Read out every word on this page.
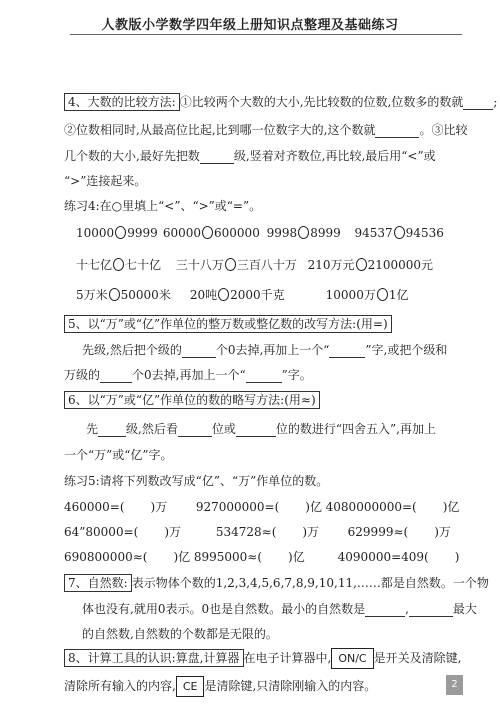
人教版小学数学四年级上册知识点整理及基础练习
4、大数的比较方法: ①比较两个大数的大小,先比较数的位数,位数多的数就	;
②位数相同时,从最高位比起,比到哪一位数字大的,这个数就	。③比较
几个数的大小,最好先把数	级,竖着对齐数位,再比较,最后用“<”或
“>”连接起来。
练习4:在○里填上“<”、“>”或“=”。
10000 9999 60000 600000 9998 8999 94537 94536
十七亿 七十亿 三十八万 三百八十万 210万元 2100000元
5万米 50000米 20吨 2000千克	10000万 1亿
5、以“万”或“亿”作单位的整万数或整亿数的改写方法:(用=)
先级,然后把个级的	个0去掉,再加上一个“	”字,或把个级和
万级的	个0去掉,再加上一个“	”字。
6、以“万”或“亿”作单位的数的略写方法:(用≈)
先 级,然后看	位或	位的数进行“四舍五入”,再加上
一个“万”或“亿”字。
练习5:请将下列数改写成“亿”、“万”作单位的数。
460000=( )万 927000000=( )亿 4080000000=( )亿
64”80000=( )万	534728≈( )万 629999≈( )万
690800000≈( )亿 8995000≈( )亿	4090000=409( )
7、自然数: 表示物体个数的1,2,3,4,5,6,7,8,9,10,11,……都是自然数。一个物
体也没有,就用0表示。0也是自然数。最小的自然数是	,	最大
的自然数,自然数的个数都是无限的。
8、计算工具的认识:算盘,计算器 在电子计算器中, ON/C 是开关及清除键,
清除所有输入的内容, CE 是清除键,只清除刚输入的内容。	2
